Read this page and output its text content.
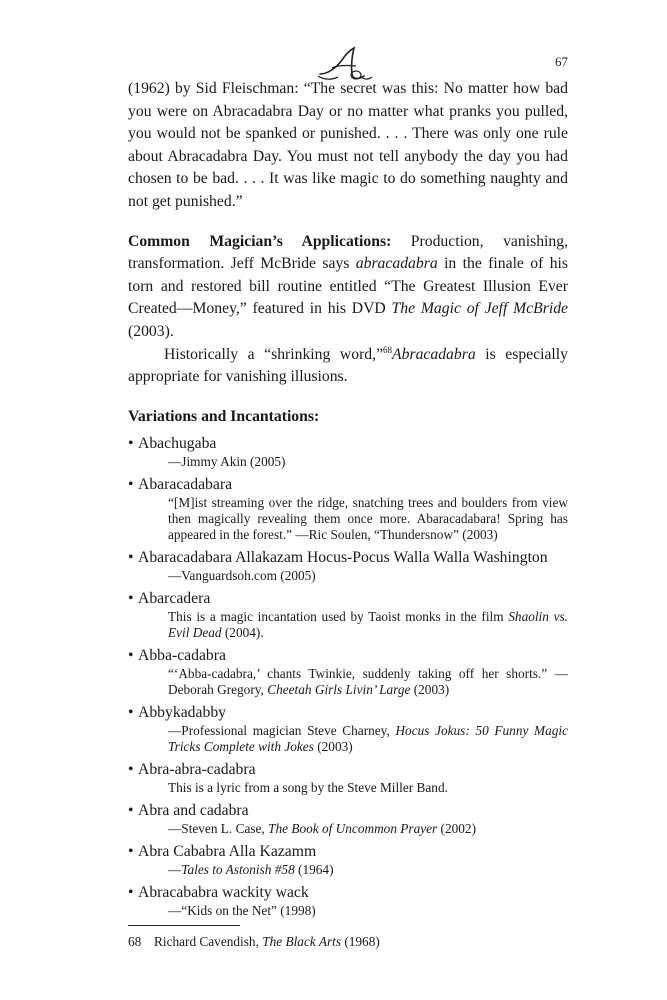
67

(1962) by Sid Fleischman: “The secret was this: No matter how bad you were on Abracadabra Day or no matter what pranks you pulled, you would not be spanked or punished. . . . There was only one rule about Abracadabra Day. You must not tell anybody the day you had chosen to be bad. . . . It was like magic to do something naughty and not get punished.”

Common Magician’s Applications: Production, vanishing, transformation. Jeff McBride says abracadabra in the finale of his torn and restored bill routine entitled “The Greatest Illusion Ever Created—Money,” featured in his DVD The Magic of Jeff McBride (2003).

Historically a “shrinking word,”$^{68}$Abracadabra is especially appropriate for vanishing illusions.

Variations and Incantations:
• Abachugaba
—Jimmy Akin (2005)
• Abaracadabara
“[M]ist streaming over the ridge, snatching trees and boulders from view then magically revealing them once more. Abaracadabara! Spring has appeared in the forest.” —Ric Soulen, “Thundersnow” (2003)
• Abaracadabara Allakazam Hocus-Pocus Walla Walla Washington
—Vanguardsoh.com (2005)
• Abarcadera
This is a magic incantation used by Taoist monks in the film Shaolin vs. Evil Dead (2004).
• Abba-cadabra
“‘Abba-cadabra,’ chants Twinkie, suddenly taking off her shorts.” —Deborah Gregory, Cheetah Girls Livin’ Large (2003)
• Abbykadabby
—Professional magician Steve Charney, Hocus Jokus: 50 Funny Magic Tricks Complete with Jokes (2003)
• Abra-abra-cadabra
This is a lyric from a song by the Steve Miller Band.
• Abra and cadabra
—Steven L. Case, The Book of Uncommon Prayer (2002)
• Abra Cababra Alla Kazamm
—Tales to Astonish #58 (1964)
• Abracababra wackity wack
—“Kids on the Net” (1998)
68 Richard Cavendish, The Black Arts (1968)
